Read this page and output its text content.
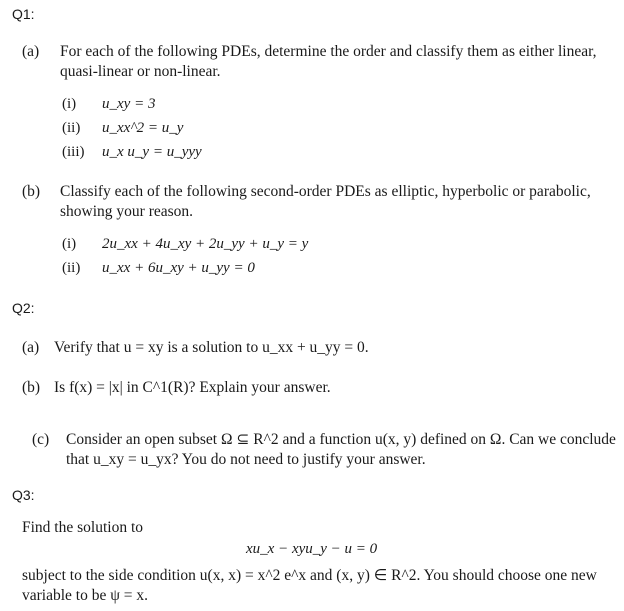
Q1:
(a) For each of the following PDEs, determine the order and classify them as either linear, quasi-linear or non-linear.
(i) u_xy = 3
(ii) u_xx^2 = u_y
(iii) u_x u_y = u_yyy
(b) Classify each of the following second-order PDEs as elliptic, hyperbolic or parabolic, showing your reason.
(i) 2u_xx + 4u_xy + 2u_yy + u_y = y
(ii) u_xx + 6u_xy + u_yy = 0
Q2:
(a) Verify that u = xy is a solution to u_xx + u_yy = 0.
(b) Is f(x) = |x| in C^1(R)? Explain your answer.
(c) Consider an open subset Ω ⊆ R^2 and a function u(x, y) defined on Ω. Can we conclude that u_xy = u_yx? You do not need to justify your answer.
Q3:
Find the solution to
xu_x − xyu_y − u = 0
subject to the side condition u(x, x) = x^2 e^x and (x, y) ∈ R^2. You should choose one new variable to be ψ = x.
